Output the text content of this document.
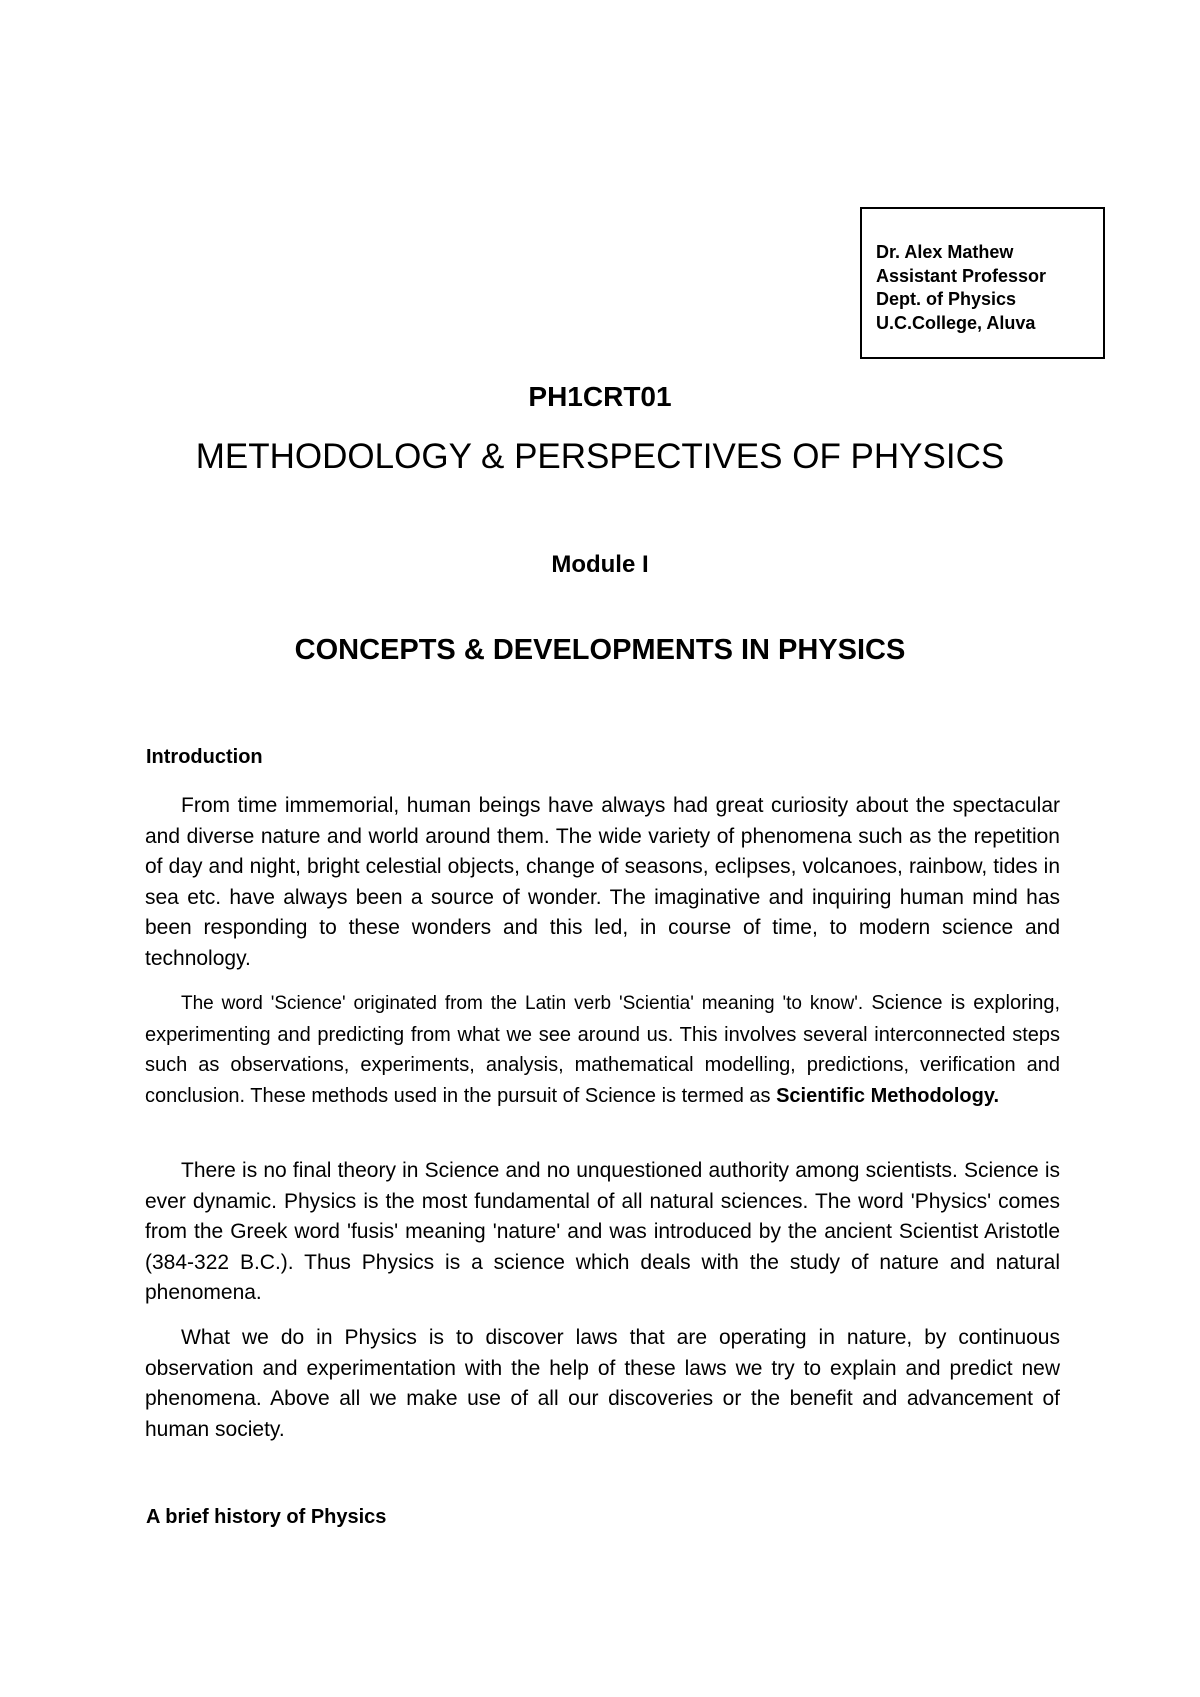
Dr. Alex Mathew
Assistant Professor
Dept. of Physics
U.C.College, Aluva
PH1CRT01
METHODOLOGY & PERSPECTIVES OF PHYSICS
Module I
CONCEPTS & DEVELOPMENTS IN PHYSICS
Introduction

From time immemorial, human beings have always had great curiosity about the spectacular and diverse nature and world around them. The wide variety of phenomena such as the repetition of day and night, bright celestial objects, change of seasons, eclipses, volcanoes, rainbow, tides in sea etc. have always been a source of wonder. The imaginative and inquiring human mind has been responding to these wonders and this led, in course of time, to modern science and technology.

The word 'Science' originated from the Latin verb 'Scientia' meaning 'to know'. Science is exploring, experimenting and predicting from what we see around us. This involves several interconnected steps such as observations, experiments, analysis, mathematical modelling, predictions, verification and conclusion. These methods used in the pursuit of Science is termed as Scientific Methodology.

There is no final theory in Science and no unquestioned authority among scientists. Science is ever dynamic. Physics is the most fundamental of all natural sciences. The word 'Physics' comes from the Greek word 'fusis' meaning 'nature' and was introduced by the ancient Scientist Aristotle (384-322 B.C.). Thus Physics is a science which deals with the study of nature and natural phenomena.

What we do in Physics is to discover laws that are operating in nature, by continuous observation and experimentation with the help of these laws we try to explain and predict new phenomena. Above all we make use of all our discoveries or the benefit and advancement of human society.

A brief history of Physics
